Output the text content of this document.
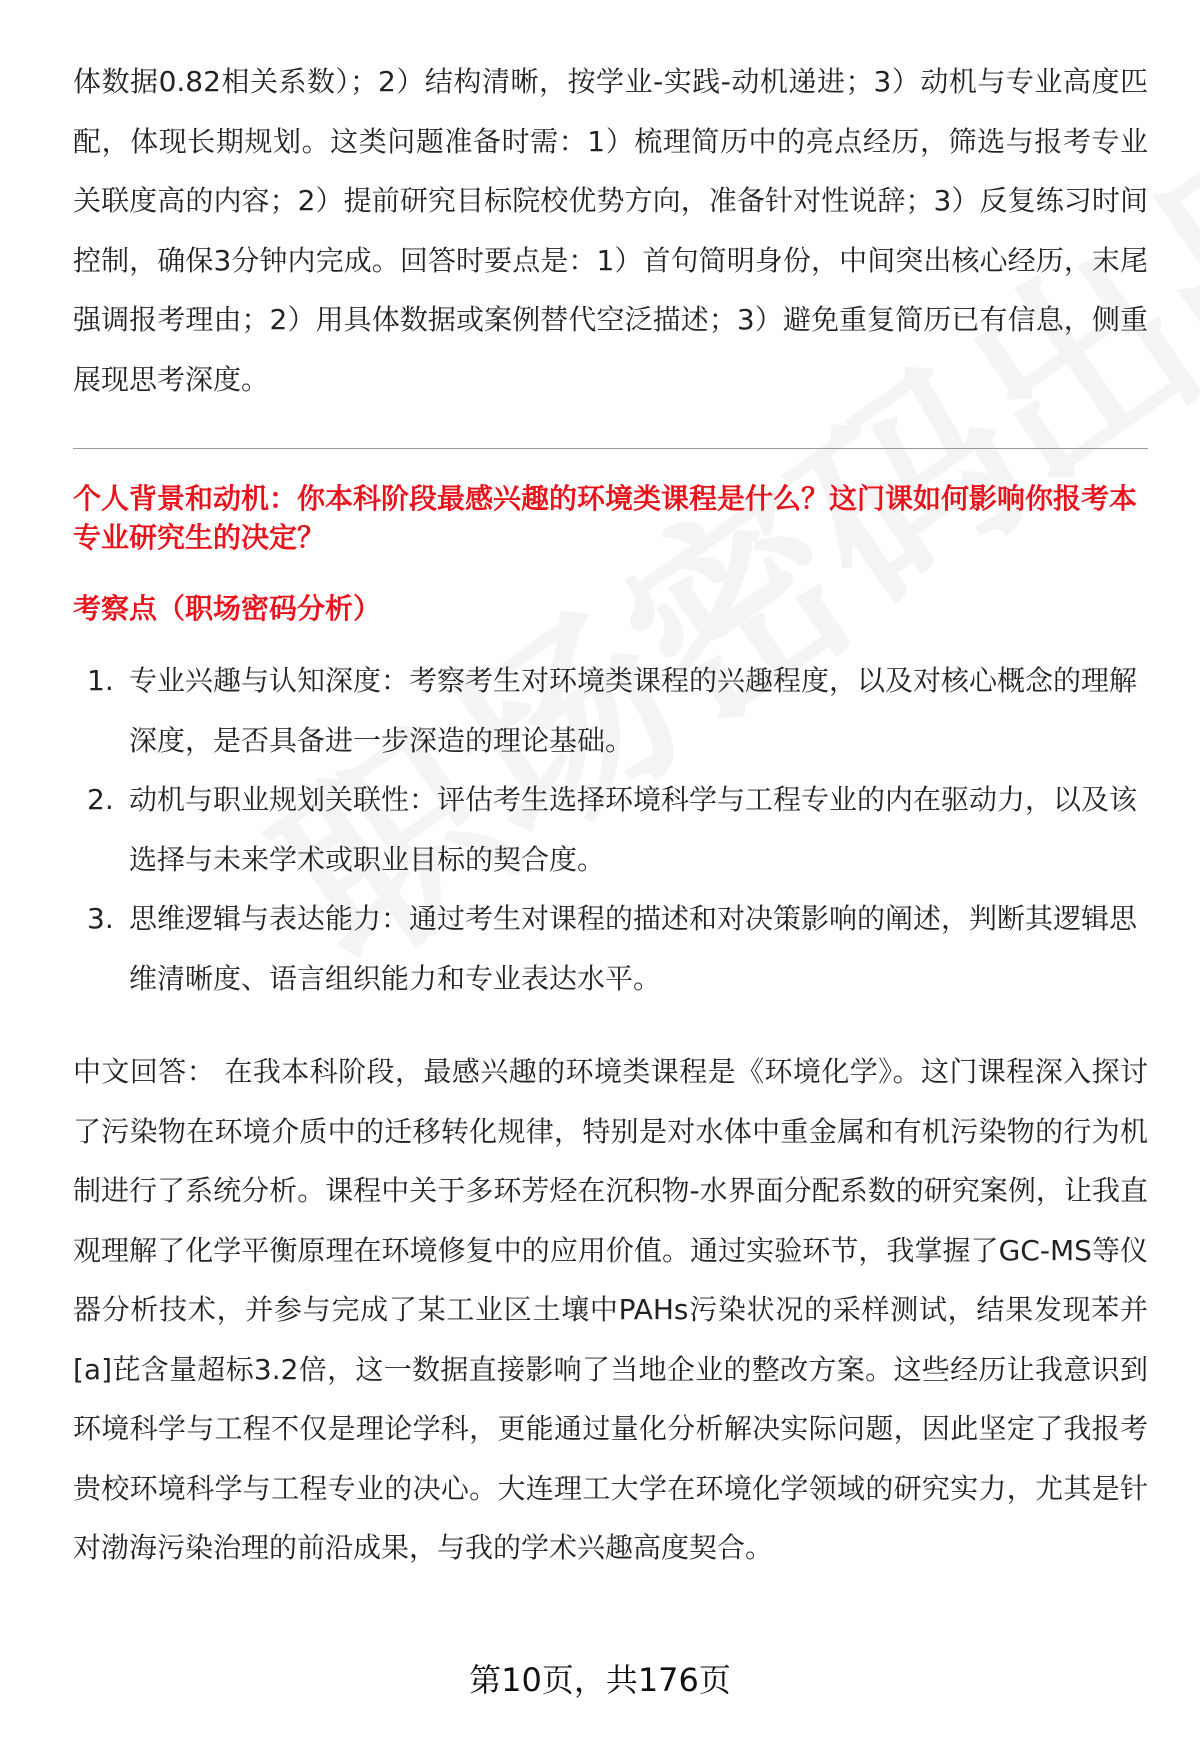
体数据0.82相关系数）；2）结构清晰，按学业-实践-动机递进；3）动机与专业高度匹配，体现长期规划。这类问题准备时需：1）梳理简历中的亮点经历，筛选与报考专业关联度高的内容；2）提前研究目标院校优势方向，准备针对性说辞；3）反复练习时间控制，确保3分钟内完成。回答时要点是：1）首句简明身份，中间突出核心经历，末尾强调报考理由；2）用具体数据或案例替代空泛描述；3）避免重复简历已有信息，侧重展现思考深度。

个人背景和动机：你本科阶段最感兴趣的环境类课程是什么？这门课如何影响你报考本专业研究生的决定？
考察点（职场密码分析）
1. 专业兴趣与认知深度：考察考生对环境类课程的兴趣程度，以及对核心概念的理解深度，是否具备进一步深造的理论基础。
2. 动机与职业规划关联性：评估考生选择环境科学与工程专业的内在驱动力，以及该选择与未来学术或职业目标的契合度。
3. 思维逻辑与表达能力：通过考生对课程的描述和对决策影响的阐述，判断其逻辑思维清晰度、语言组织能力和专业表达水平。

中文回答： 在我本科阶段，最感兴趣的环境类课程是《环境化学》。这门课程深入探讨了污染物在环境介质中的迁移转化规律，特别是对水体中重金属和有机污染物的行为机制进行了系统分析。课程中关于多环芳烃在沉积物-水界面分配系数的研究案例，让我直观理解了化学平衡原理在环境修复中的应用价值。通过实验环节，我掌握了GC-MS等仪器分析技术，并参与完成了某工业区土壤中PAHs污染状况的采样测试，结果发现苯并[a]芘含量超标3.2倍，这一数据直接影响了当地企业的整改方案。这些经历让我意识到环境科学与工程不仅是理论学科，更能通过量化分析解决实际问题，因此坚定了我报考贵校环境科学与工程专业的决心。大连理工大学在环境化学领域的研究实力，尤其是针对渤海污染治理的前沿成果，与我的学术兴趣高度契合。

第10页，共176页
